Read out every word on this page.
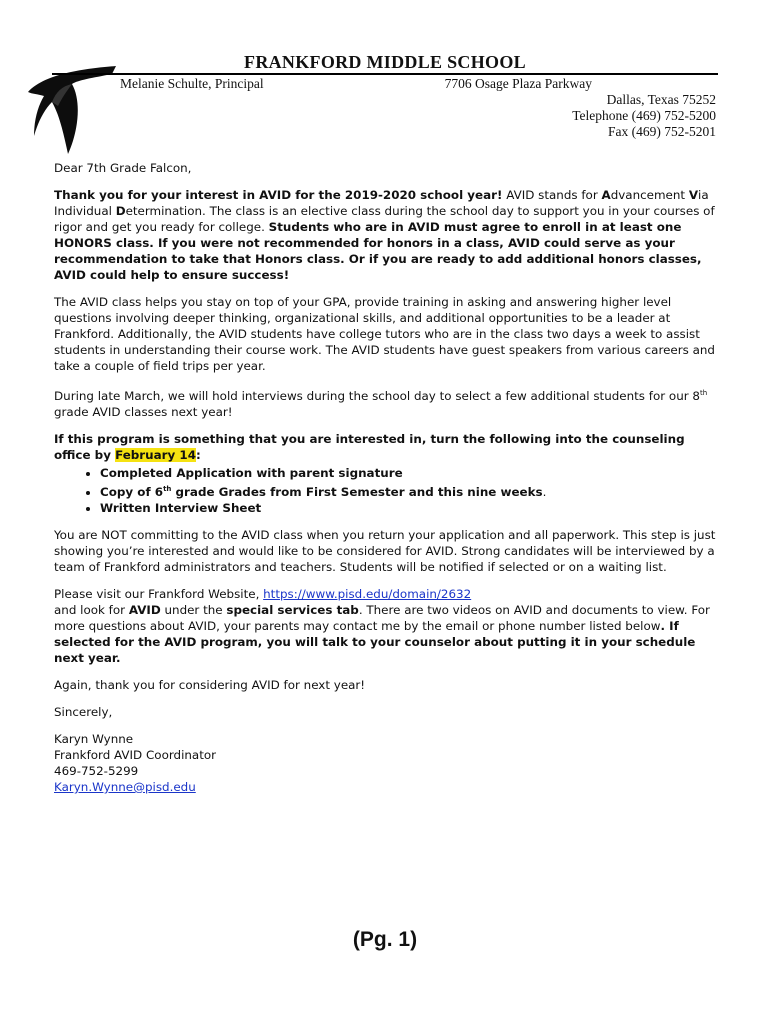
FRANKFORD MIDDLE SCHOOL
Melanie Schulte, Principal	7706 Osage Plaza Parkway
Dallas, Texas 75252
Telephone (469) 752-5200
Fax (469) 752-5201

Dear 7th Grade Falcon,

Thank you for your interest in AVID for the 2019-2020 school year! AVID stands for Advancement Via Individual Determination. The class is an elective class during the school day to support you in your courses of rigor and get you ready for college. Students who are in AVID must agree to enroll in at least one HONORS class. If you were not recommended for honors in a class, AVID could serve as your recommendation to take that Honors class. Or if you are ready to add additional honors classes, AVID could help to ensure success!

The AVID class helps you stay on top of your GPA, provide training in asking and answering higher level questions involving deeper thinking, organizational skills, and additional opportunities to be a leader at Frankford. Additionally, the AVID students have college tutors who are in the class two days a week to assist students in understanding their course work. The AVID students have guest speakers from various careers and take a couple of field trips per year.

During late March, we will hold interviews during the school day to select a few additional students for our 8th grade AVID classes next year!

If this program is something that you are interested in, turn the following into the counseling office by February 14:

• Completed Application with parent signature
• Copy of 6th grade Grades from First Semester and this nine weeks.
• Written Interview Sheet

You are NOT committing to the AVID class when you return your application and all paperwork. This step is just showing you’re interested and would like to be considered for AVID. Strong candidates will be interviewed by a team of Frankford administrators and teachers. Students will be notified if selected or on a waiting list.

Please visit our Frankford Website, https://www.pisd.edu/domain/2632
and look for AVID under the special services tab. There are two videos on AVID and documents to view. For more questions about AVID, your parents may contact me by the email or phone number listed below. If selected for the AVID program, you will talk to your counselor about putting it in your schedule next year.

Again, thank you for considering AVID for next year!

Sincerely,

Karyn Wynne

Frankford AVID Coordinator

469-752-5299

Karyn.Wynne@pisd.edu

(Pg. 1)
